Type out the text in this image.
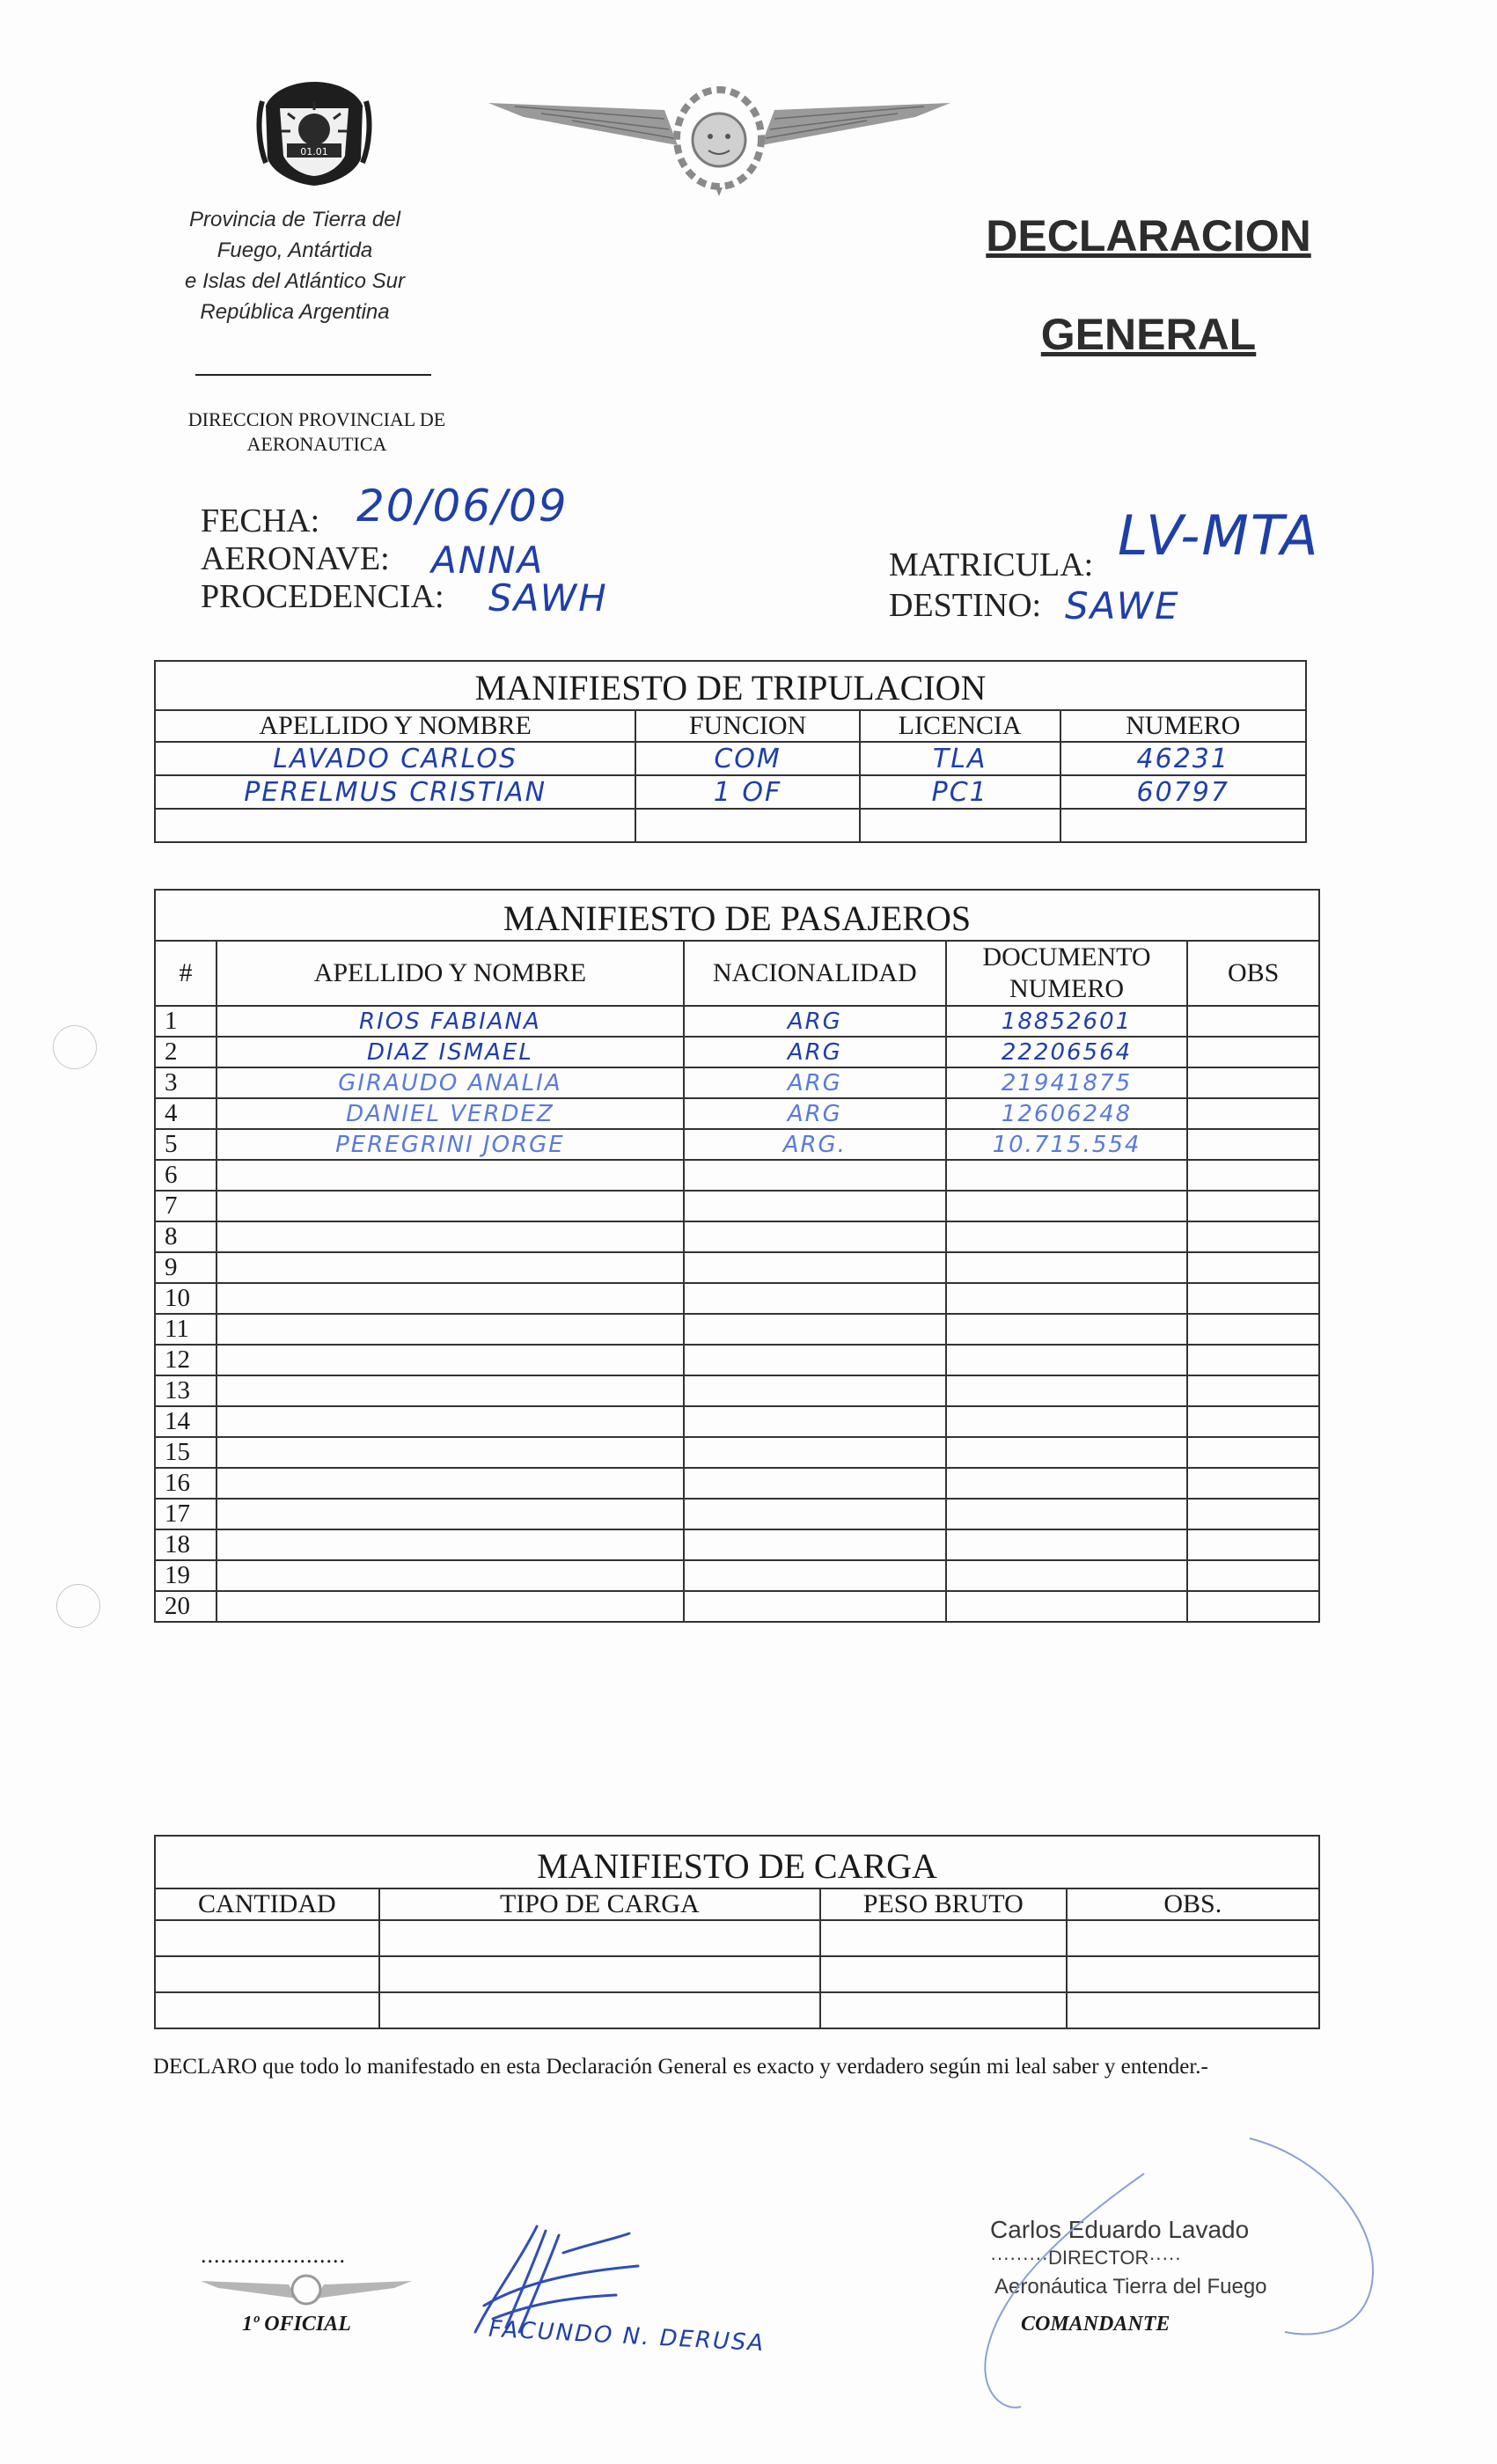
01.01
Provincia de Tierra del
Fuego, Antártida
e Islas del Atlántico Sur
República Argentina
DIRECCION PROVINCIAL DE
AERONAUTICA
DECLARACION
GENERAL
FECHA: 20/06/09
AERONAVE: ANNA
PROCEDENCIA: SAWH
MATRICULA: LV-MTA
DESTINO: SAWE
MANIFIESTO DE TRIPULACION			
APELLIDO Y NOMBRE	FUNCION	LICENCIA	NUMERO
LAVADO CARLOS	COM	TLA	46231
PERELMUS CRISTIAN	1 OF	PC1	60797

MANIFIESTO DE PASAJEROS				
#	APELLIDO Y NOMBRE	NACIONALIDAD	DOCUMENTO NUMERO	OBS
1	RIOS FABIANA	ARG	18852601	
2	DIAZ ISMAEL	ARG	22206564	
3	GIRAUDO ANALIA	ARG	21941875	
4	DANIEL VERDEZ	ARG	12606248	
5	PEREGRINI JORGE	ARG.	10.715.554	
6				
7				
8				
9				
10				
11				
12				
13				
14				
15				
16				
17				
18				
19				
20				
MANIFIESTO DE CARGA			
CANTIDAD	TIPO DE CARGA	PESO BRUTO	OBS.

DECLARO que todo lo manifestado en esta Declaración General es exacto y verdadero según mi leal saber y entender.-
......................
1º OFICIAL	FACUNDO N. DERUSA
Carlos Eduardo Lavado
·········DIRECTOR·····
Aeronáutica Tierra del Fuego
COMANDANTE
